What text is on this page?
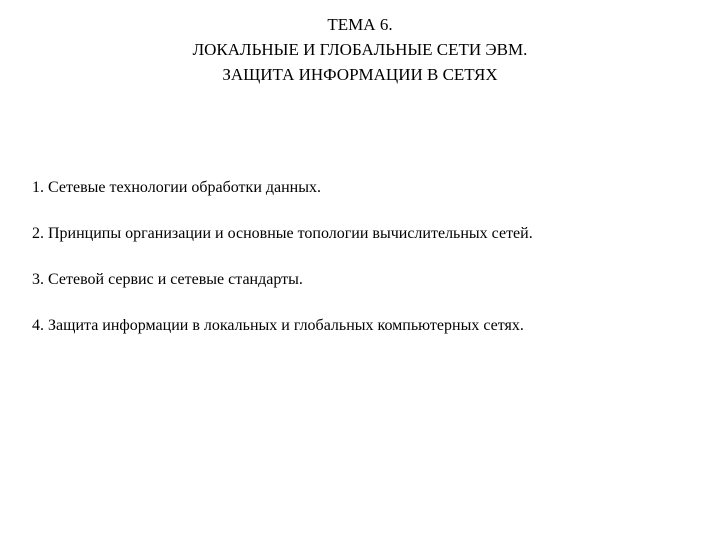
ТЕМА 6.
ЛОКАЛЬНЫЕ И ГЛОБАЛЬНЫЕ СЕТИ ЭВМ.
ЗАЩИТА ИНФОРМАЦИИ В СЕТЯХ
1. Сетевые технологии обработки данных.
2. Принципы организации и основные топологии вычислительных сетей.
3. Сетевой сервис и сетевые стандарты.
4. Защита информации в локальных и глобальных компьютерных сетях.
